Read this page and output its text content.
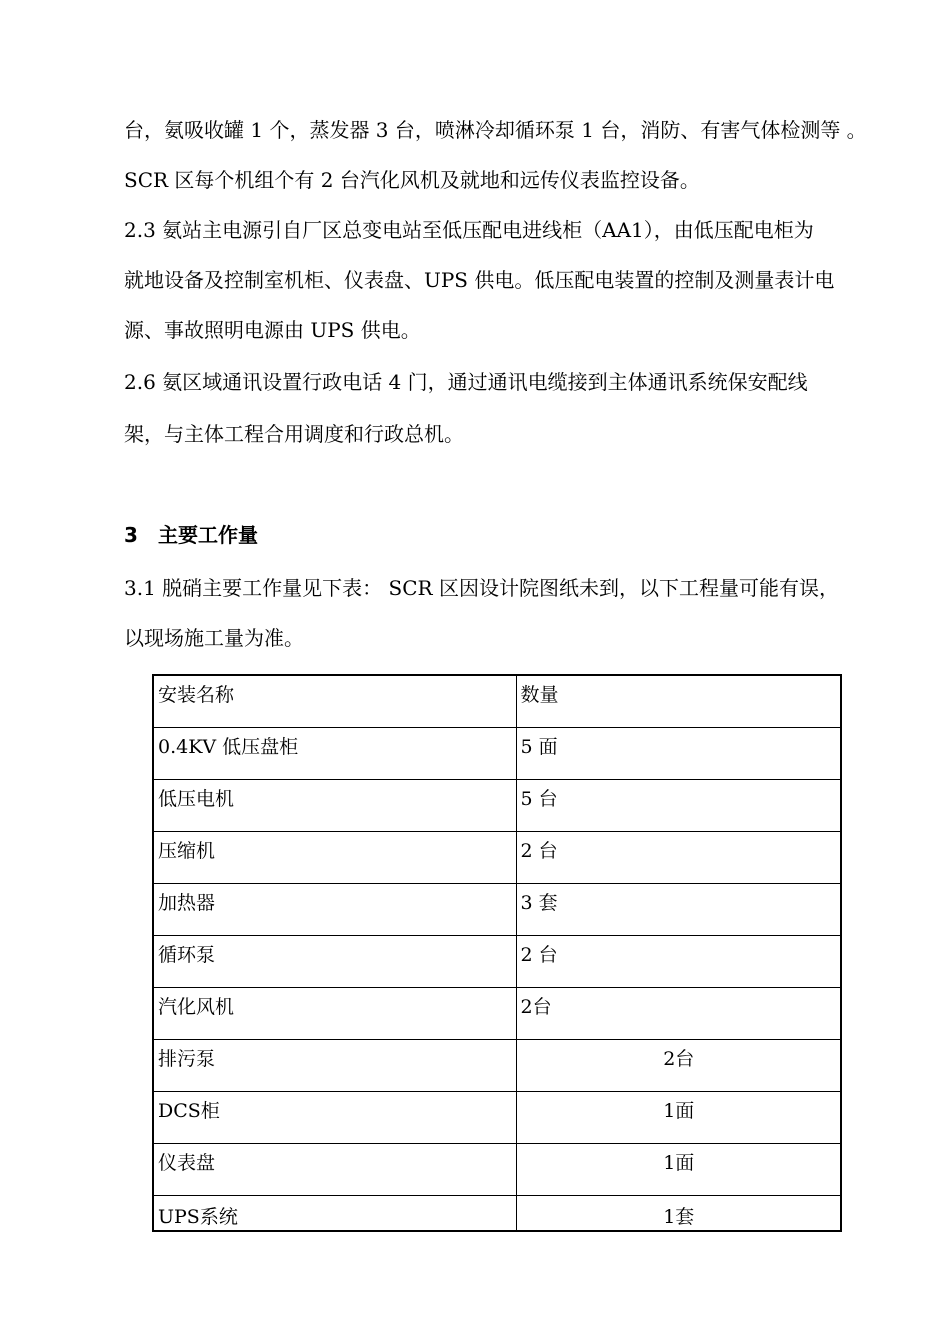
台，氨吸收罐 1 个，蒸发器 3 台，喷淋冷却循环泵 1 台，消防、有害气体检测等 。
SCR 区每个机组个有 2 台汽化风机及就地和远传仪表监控设备。
2.3 氨站主电源引自厂区总变电站至低压配电进线柜（AA1），由低压配电柜为
就地设备及控制室机柜、仪表盘、UPS 供电。低压配电装置的控制及测量表计电
源、事故照明电源由 UPS 供电。
2.6 氨区域通讯设置行政电话 4 门，通过通讯电缆接到主体通讯系统保安配线
架，与主体工程合用调度和行政总机。
3 主要工作量
3.1 脱硝主要工作量见下表： SCR 区因设计院图纸未到，以下工程量可能有误，
以现场施工量为准。
安装名称	数量
0.4KV 低压盘柜	5 面
低压电机	5 台
压缩机	2 台
加热器	3 套
循环泵	2 台
汽化风机	2台
排污泵	2台
DCS柜	1面
仪表盘	1面
UPS系统	1套
